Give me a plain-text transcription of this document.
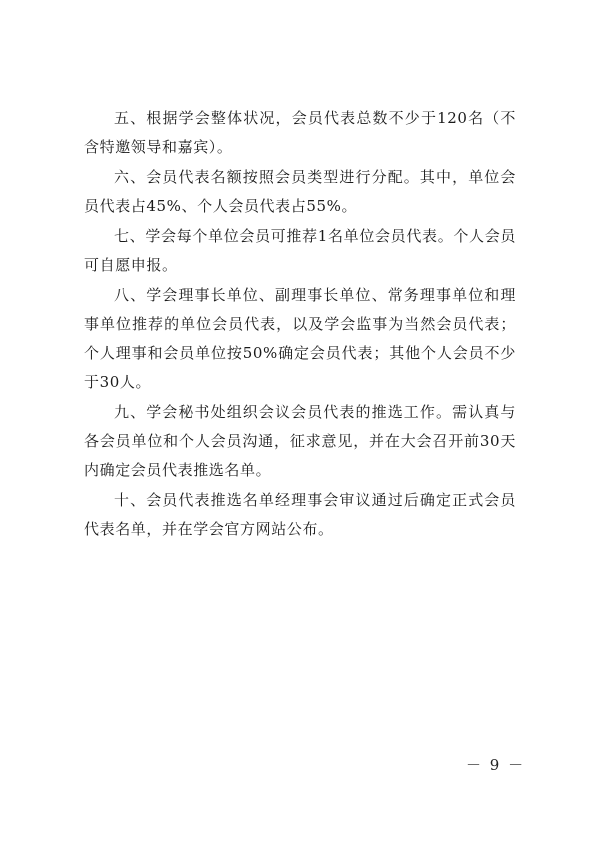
五、根据学会整体状况，会员代表总数不少于120名（不含特邀领导和嘉宾）。

六、会员代表名额按照会员类型进行分配。其中，单位会员代表占45%、个人会员代表占55%。

七、学会每个单位会员可推荐1名单位会员代表。个人会员可自愿申报。

八、学会理事长单位、副理事长单位、常务理事单位和理事单位推荐的单位会员代表，以及学会监事为当然会员代表；个人理事和会员单位按50%确定会员代表；其他个人会员不少于30人。

九、学会秘书处组织会议会员代表的推选工作。需认真与各会员单位和个人会员沟通，征求意见，并在大会召开前30天内确定会员代表推选名单。

十、会员代表推选名单经理事会审议通过后确定正式会员代表名单，并在学会官方网站公布。

－ 9 －
